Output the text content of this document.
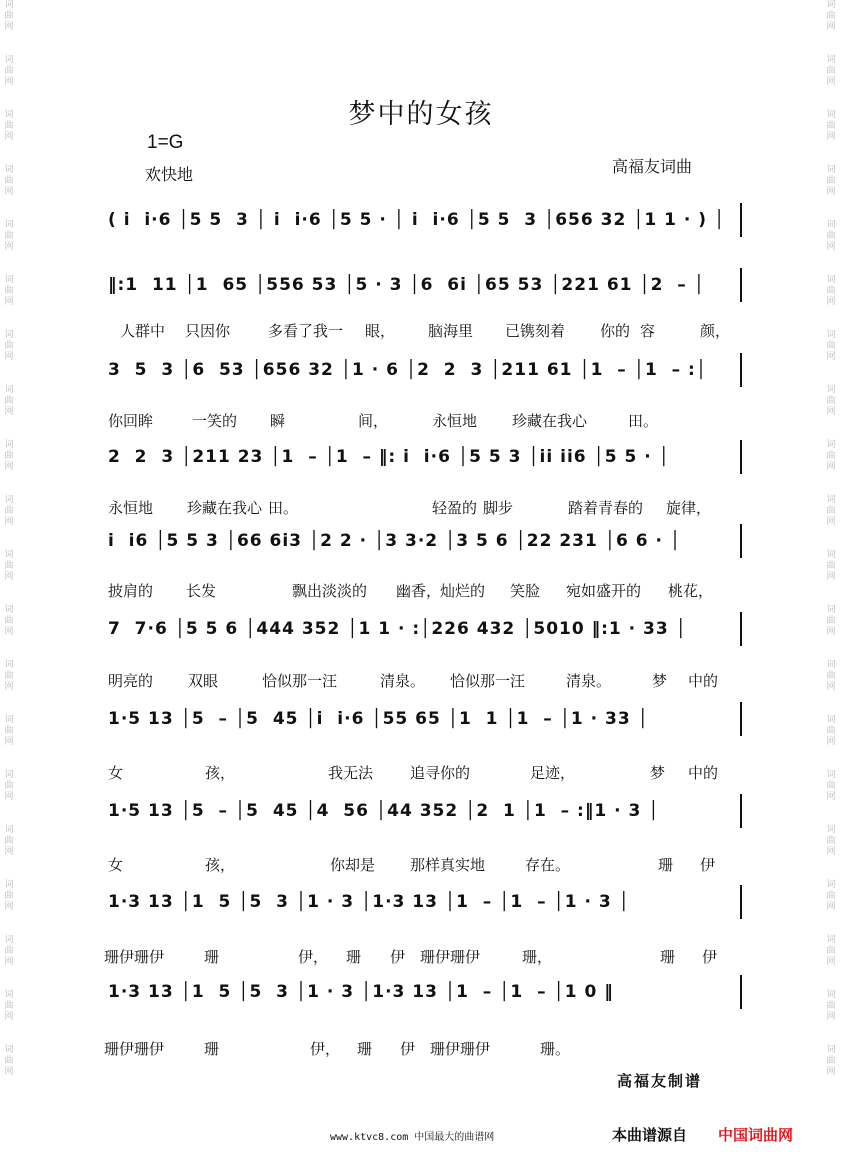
词
曲
网

词
曲
网

词
曲
网

词
曲
网

词
曲
网

词
曲
网

词
曲
网

词
曲
网

词
曲
网

词
曲
网

词
曲
网

词
曲
网

词
曲
网

词
曲
网

词
曲
网

词
曲
网

词
曲
网

词
曲
网

词
曲
网

词
曲
网

词
曲
网

词
曲
网

词
曲
网

词
曲
网

词
曲
网

词
曲
网

词
曲
网

词
曲
网

词
曲
网

词
曲
网

词
曲
网

词
曲
网

词
曲
网

词
曲
网

词
曲
网

词
曲
网

词
曲
网

词
曲
网

词
曲
网

词
曲
网

梦中的女孩
1=G
欢快地	高福友词曲
( i  i·6 │5 5  3 │ i  i·6 │5 5 · │ i  i·6 │5 5  3 │656 32 │1 1 · ) │
‖:1  11 │1  65 │556 53 │5 · 3 │6  6i │65 53 │221 61 │2  – │
人群中 只因你	多看了我一 眼， 脑海里 已镌刻着 你的 容	颜，
3  5  3 │6  53 │656 32 │1 · 6 │2  2  3 │211 61 │1  – │1  – :│
你回眸	一笑的 瞬	间，	永恒地 珍藏在我心	田。
2  2  3 │211 23 │1  – │1  – ‖: i  i·6 │5 5 3 │ii ii6 │5 5 · │
永恒地 珍藏在我心 田。	轻盈的 脚步	踏着青春的 旋律，
i  i6 │5 5 3 │66 6i3 │2 2 · │3 3·2 │3 5 6 │22 231 │6 6 · │
披肩的 长发	飘出淡淡的 幽香，
灿烂的 笑脸 宛如盛开的 桃花，
7  7·6 │5 5 6 │444 352 │1 1 · :│226 432 │5010 ‖:1 · 33 │
明亮的 双眼	恰似那一汪	清泉。 恰似那一汪	清泉。	梦 中的
1·5 13 │5  – │5  45 │i  i·6 │55 65 │1  1 │1  – │1 · 33 │
女	孩，	我无法 追寻你的	足迹，	梦 中的
1·5 13 │5  – │5  45 │4  56 │44 352 │2  1 │1  – :‖1 · 3 │
女	孩，	你却是 那样真实地	存在。	珊 伊
1·3 13 │1  5 │5  3 │1 · 3 │1·3 13 │1  – │1  – │1 · 3 │
珊伊珊伊	珊	伊， 珊 伊 珊伊珊伊	珊，	珊 伊
1·3 13 │1  5 │5  3 │1 · 3 │1·3 13 │1  – │1  – │1 0 ‖
珊伊珊伊	珊	伊， 珊 伊 珊伊珊伊	珊。
高福友制谱
www.ktvc8.com 中国最大的曲谱网	本曲谱源自 中国词曲网
